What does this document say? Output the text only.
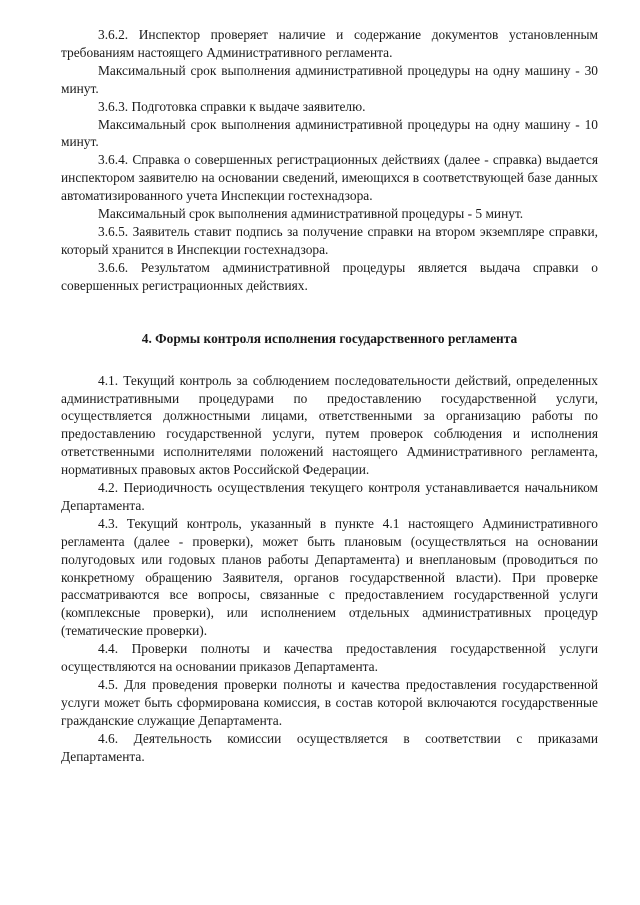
3.6.2. Инспектор проверяет наличие и содержание документов установленным требованиям настоящего Административного регламента.

Максимальный срок выполнения административной процедуры на одну машину - 30 минут.

3.6.3. Подготовка справки к выдаче заявителю.

Максимальный срок выполнения административной процедуры на одну машину - 10 минут.

3.6.4. Справка о совершенных регистрационных действиях (далее - справка) выдается инспектором заявителю на основании сведений, имеющихся в соответствующей базе данных автоматизированного учета Инспекции гостехнадзора.

Максимальный срок выполнения административной процедуры - 5 минут.

3.6.5. Заявитель ставит подпись за получение справки на втором экземпляре справки, который хранится в Инспекции гостехнадзора.

3.6.6. Результатом административной процедуры является выдача справки о совершенных регистрационных действиях.

4. Формы контроля исполнения государственного регламента

4.1. Текущий контроль за соблюдением последовательности действий, определенных административными процедурами по предоставлению государственной услуги, осуществляется должностными лицами, ответственными за организацию работы по предоставлению государственной услуги, путем проверок соблюдения и исполнения ответственными исполнителями положений настоящего Административного регламента, нормативных правовых актов Российской Федерации.

4.2. Периодичность осуществления текущего контроля устанавливается начальником Департамента.

4.3. Текущий контроль, указанный в пункте 4.1 настоящего Административного регламента (далее - проверки), может быть плановым (осуществляться на основании полугодовых или годовых планов работы Департамента) и внеплановым (проводиться по конкретному обращению Заявителя, органов государственной власти). При проверке рассматриваются все вопросы, связанные с предоставлением государственной услуги (комплексные проверки), или исполнением отдельных административных процедур (тематические проверки).

4.4. Проверки полноты и качества предоставления государственной услуги осуществляются на основании приказов Департамента.

4.5. Для проведения проверки полноты и качества предоставления государственной услуги может быть сформирована комиссия, в состав которой включаются государственные гражданские служащие Департамента.

4.6. Деятельность комиссии осуществляется в соответствии с приказами Департамента.
